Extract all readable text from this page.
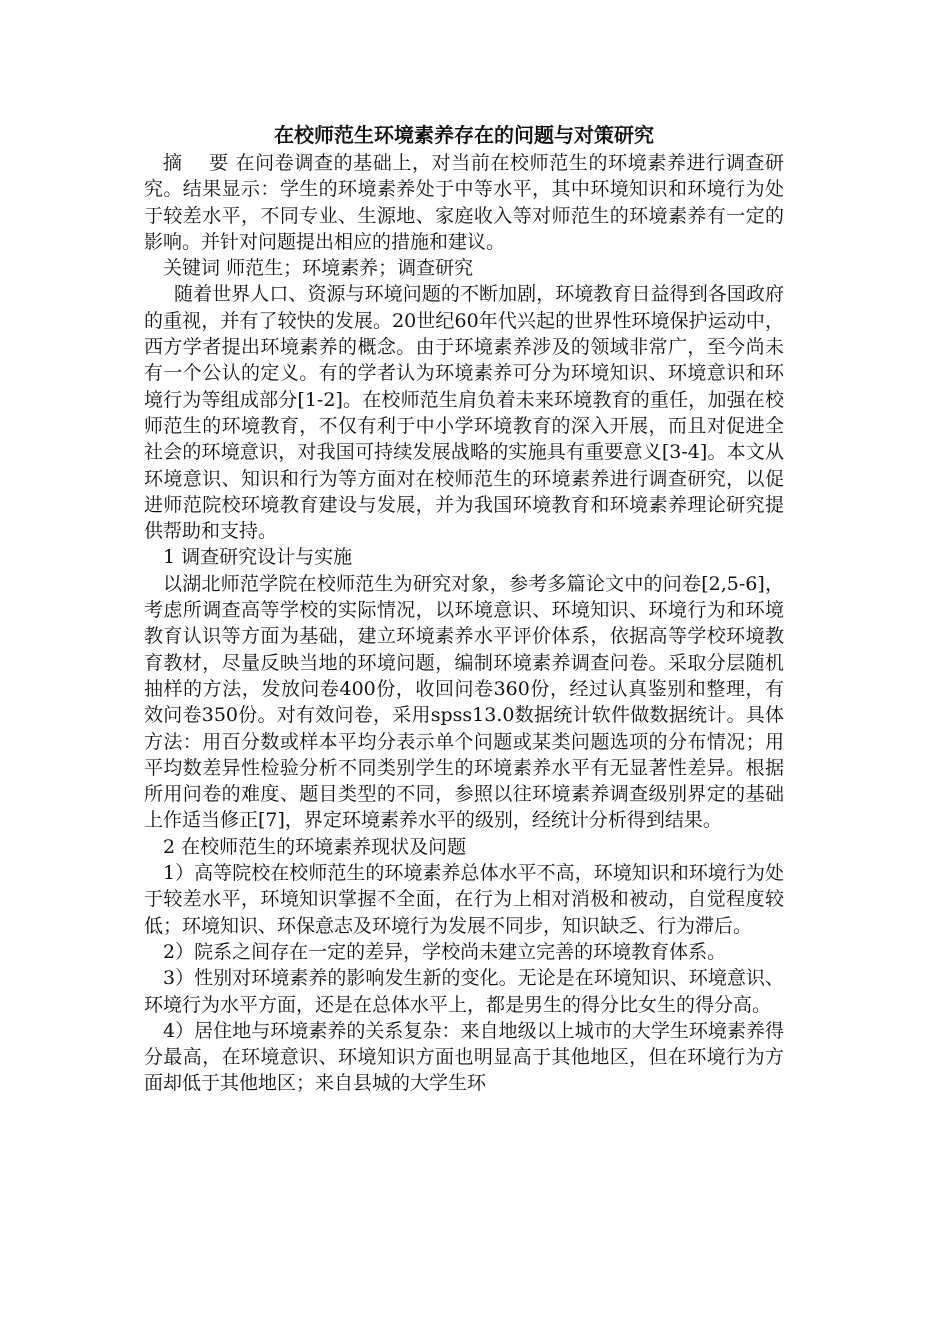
在校师范生环境素养存在的问题与对策研究

摘 要 在问卷调查的基础上，对当前在校师范生的环境素养进行调查研究。结果显示：学生的环境素养处于中等水平，其中环境知识和环境行为处于较差水平，不同专业、生源地、家庭收入等对师范生的环境素养有一定的影响。并针对问题提出相应的措施和建议。

关键词 师范生；环境素养；调查研究

随着世界人口、资源与环境问题的不断加剧，环境教育日益得到各国政府的重视，并有了较快的发展。20世纪60年代兴起的世界性环境保护运动中，西方学者提出环境素养的概念。由于环境素养涉及的领域非常广，至今尚未有一个公认的定义。有的学者认为环境素养可分为环境知识、环境意识和环境行为等组成部分[1-2]。在校师范生肩负着未来环境教育的重任，加强在校师范生的环境教育，不仅有利于中小学环境教育的深入开展，而且对促进全社会的环境意识，对我国可持续发展战略的实施具有重要意义[3-4]。本文从环境意识、知识和行为等方面对在校师范生的环境素养进行调查研究，以促进师范院校环境教育建设与发展，并为我国环境教育和环境素养理论研究提供帮助和支持。

1 调查研究设计与实施

以湖北师范学院在校师范生为研究对象，参考多篇论文中的问卷[2,5-6]，考虑所调查高等学校的实际情况，以环境意识、环境知识、环境行为和环境教育认识等方面为基础，建立环境素养水平评价体系，依据高等学校环境教育教材，尽量反映当地的环境问题，编制环境素养调查问卷。采取分层随机抽样的方法，发放问卷400份，收回问卷360份，经过认真鉴别和整理，有效问卷350份。对有效问卷，采用spss13.0数据统计软件做数据统计。具体方法：用百分数或样本平均分表示单个问题或某类问题选项的分布情况；用平均数差异性检验分析不同类别学生的环境素养水平有无显著性差异。根据所用问卷的难度、题目类型的不同，参照以往环境素养调查级别界定的基础上作适当修正[7]，界定环境素养水平的级别，经统计分析得到结果。

2 在校师范生的环境素养现状及问题

1）高等院校在校师范生的环境素养总体水平不高，环境知识和环境行为处于较差水平，环境知识掌握不全面，在行为上相对消极和被动，自觉程度较低；环境知识、环保意志及环境行为发展不同步，知识缺乏、行为滞后。

2）院系之间存在一定的差异，学校尚未建立完善的环境教育体系。

3）性别对环境素养的影响发生新的变化。无论是在环境知识、环境意识、环境行为水平方面，还是在总体水平上，都是男生的得分比女生的得分高。

4）居住地与环境素养的关系复杂：来自地级以上城市的大学生环境素养得分最高，在环境意识、环境知识方面也明显高于其他地区，但在环境行为方面却低于其他地区；来自县城的大学生环
